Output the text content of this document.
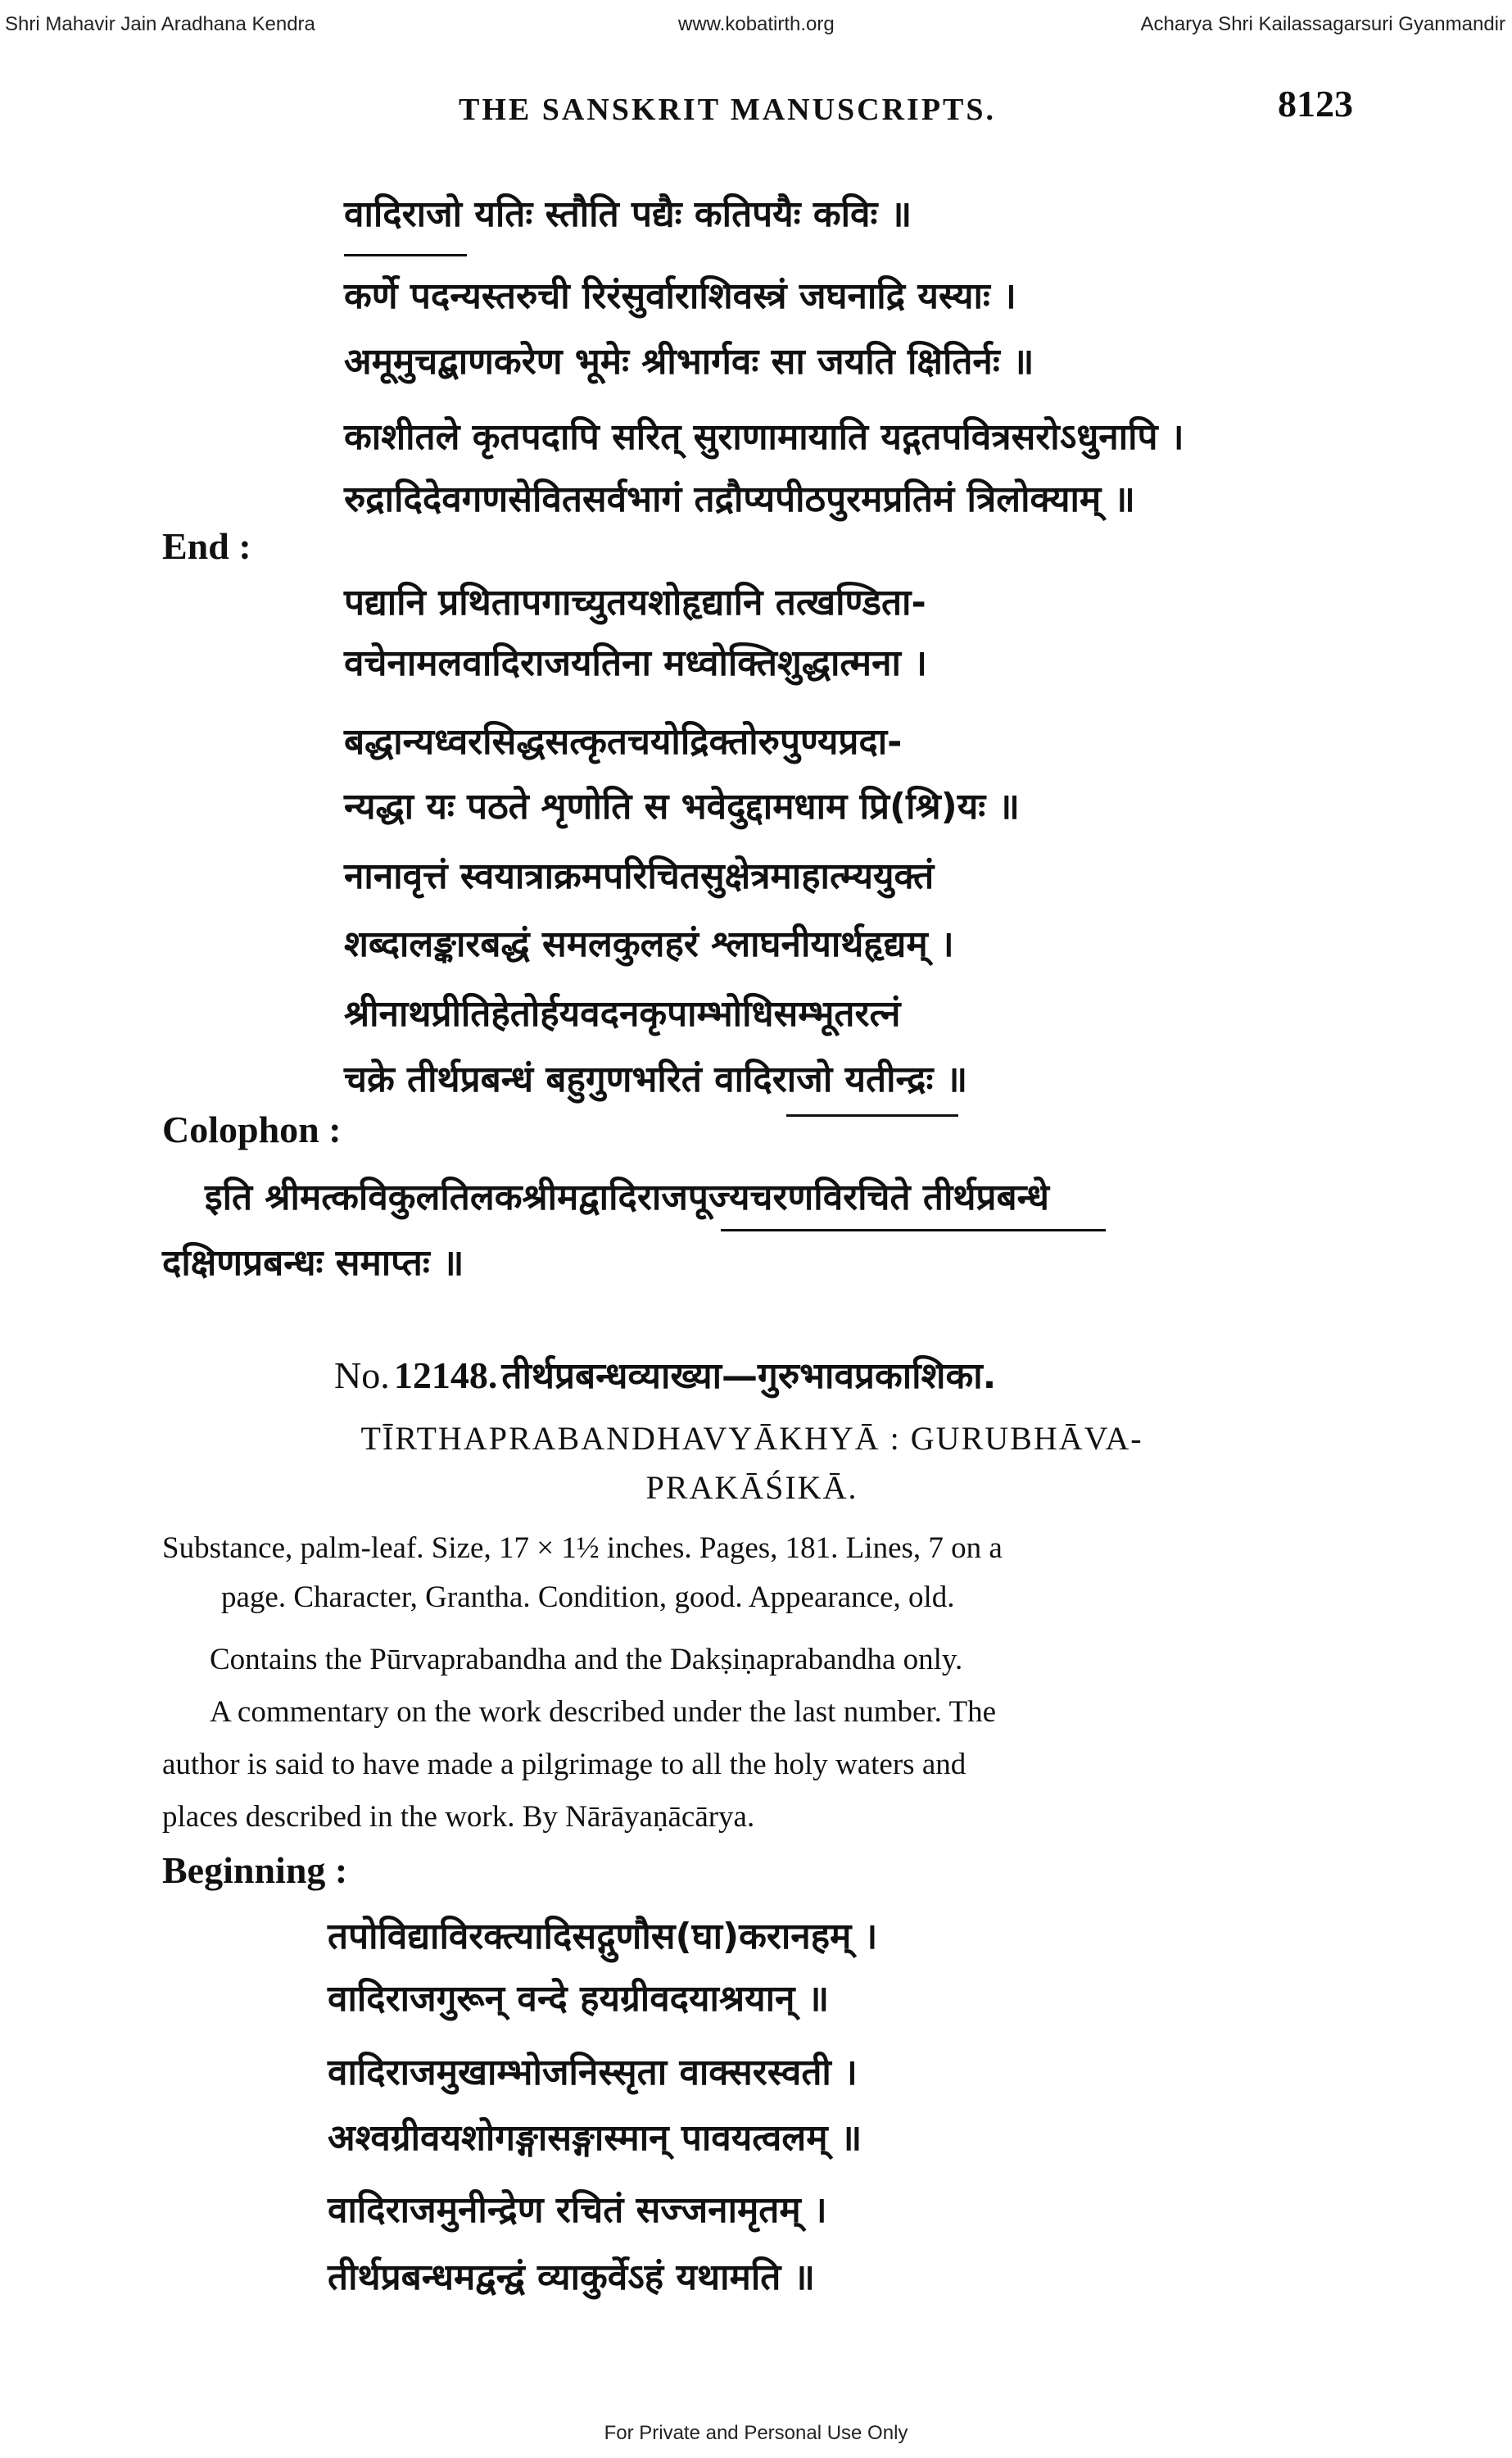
Shri Mahavir Jain Aradhana Kendra	www.kobatirth.org	Acharya Shri Kailassagarsuri Gyanmandir
THE SANSKRIT MANUSCRIPTS.	8123
वादिराजो यतिः स्तौति पद्यैः कतिपयैः कविः ॥
कर्णे पदन्यस्तरुची रिरंसुर्वाराशिवस्त्रं जघनाद्रि यस्याः ।
अमूमुचद्बाणकरेण भूमेः श्रीभार्गवः सा जयति क्षितिर्नः ॥
काशीतले कृतपदापि सरित् सुराणामायाति यद्गतपवित्रसरोऽधुनापि ।
रुद्रादिदेवगणसेवितसर्वभागं तद्रौप्यपीठपुरमप्रतिमं त्रिलोक्याम् ॥
End :
पद्यानि प्रथितापगाच्युतयशोहृद्यानि तत्खण्डिता-
वचेनामलवादिराजयतिना मध्वोक्तिशुद्धात्मना ।
बद्धान्यध्वरसिद्धसत्कृतचयोद्रिक्तोरुपुण्यप्रदा-
न्यद्धा यः पठते शृणोति स भवेदुद्दामधाम प्रि(श्रि)यः ॥
नानावृत्तं स्वयात्राक्रमपरिचितसुक्षेत्रमाहात्म्ययुक्तं
शब्दालङ्कारबद्धं समलकुलहरं श्लाघनीयार्थहृद्यम् ।
श्रीनाथप्रीतिहेतोर्हयवदनकृपाम्भोधिसम्भूतरत्नं
चक्रे तीर्थप्रबन्धं बहुगुणभरितं वादिराजो यतीन्द्रः ॥
Colophon :
इति श्रीमत्कविकुलतिलकश्रीमद्वादिराजपूज्यचरणविरचिते तीर्थप्रबन्धे
दक्षिणप्रबन्धः समाप्तः ॥
No. 12148. तीर्थप्रबन्धव्याख्या—गुरुभावप्रकाशिका.
TĪRTHAPRABANDHAVYĀKHYĀ : GURUBHĀVA-
PRAKĀŚIKĀ.
Substance, palm-leaf. Size, 17 × 1½ inches. Pages, 181. Lines, 7 on a
page. Character, Grantha. Condition, good. Appearance, old.
Contains the Pūrvaprabandha and the Dakṣiṇaprabandha only.
A commentary on the work described under the last number. The
author is said to have made a pilgrimage to all the holy waters and
places described in the work. By Nārāyaṇācārya.
Beginning :
तपोविद्याविरक्त्यादिसद्गुणौस(घा)करानहम् ।
वादिराजगुरून् वन्दे हयग्रीवदयाश्रयान् ॥
वादिराजमुखाम्भोजनिस्सृता वाक्सरस्वती ।
अश्वग्रीवयशोगङ्गासङ्गास्मान् पावयत्वलम् ॥
वादिराजमुनीन्द्रेण रचितं सज्जनामृतम् ।
तीर्थप्रबन्धमद्वन्द्वं व्याकुर्वेऽहं यथामति ॥
For Private and Personal Use Only
